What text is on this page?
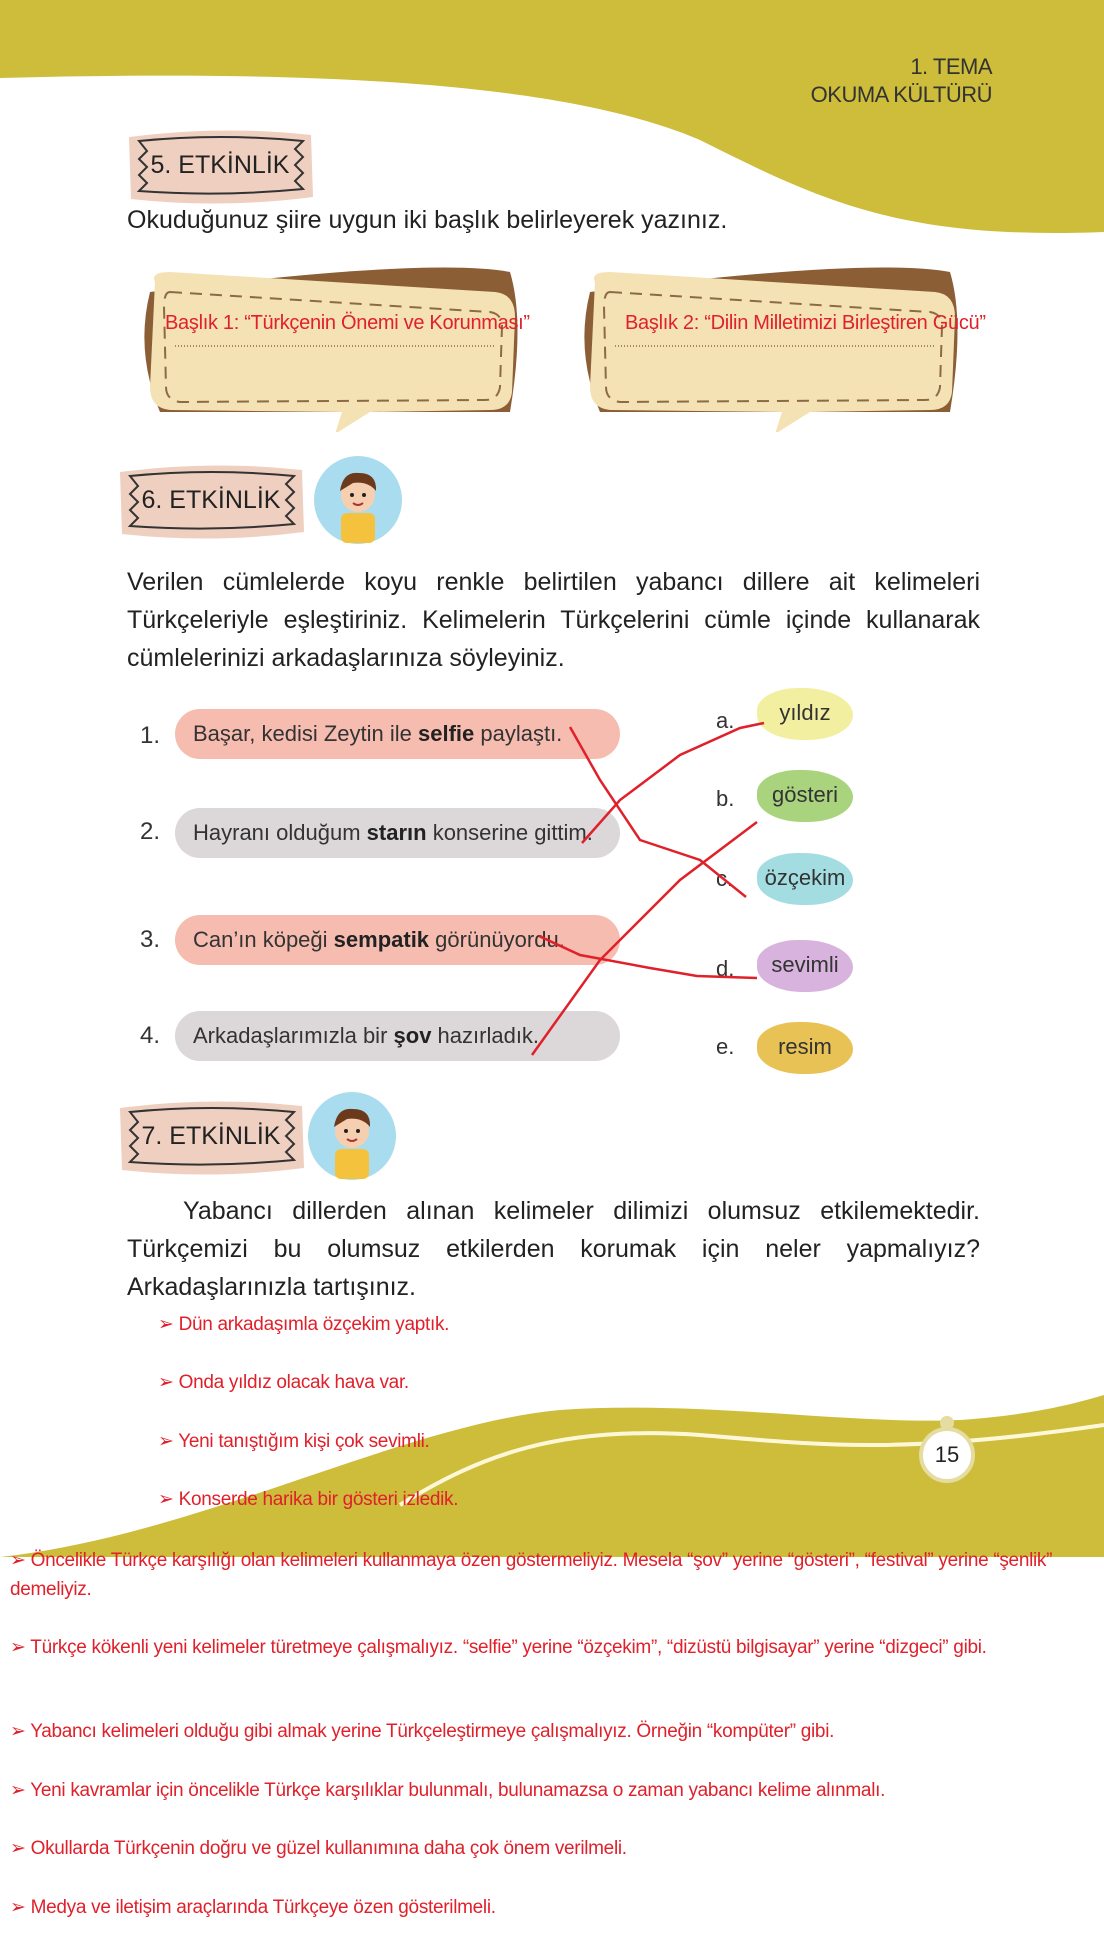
1. TEMA
OKUMA KÜLTÜRÜ
5. ETKİNLİK
Okuduğunuz şiire uygun iki başlık belirleyerek yazınız.
Başlık 1: “Türkçenin Önemi ve Korunması”	Başlık 2: “Dilin Milletimizi Birleştiren Gücü”
6. ETKİNLİK
Verilen cümlelerde koyu renkle belirtilen yabancı dillere ait kelimeleri Türkçeleriyle eşleştiriniz. Kelimelerin Türkçelerini cümle içinde kullanarak cümlelerinizi arkadaşlarınıza söyleyiniz.
1.	Başar, kedisi Zeytin ile selfie paylaştı.
2.	Hayranı olduğum starın konserine gittim.
3.	Can’ın köpeği sempatik görünüyordu.
4.	Arkadaşlarımızla bir şov hazırladık.
a.	yıldız
b.	gösteri
c.	özçekim
d.	sevimli
e.	resim
7. ETKİNLİK
Yabancı dillerden alınan kelimeler dilimizi olumsuz etkilemektedir. Türkçemizi bu olumsuz etkilerden korumak için neler yapmalıyız? Arkadaşlarınızla tartışınız.
15
➢ Dün arkadaşımla özçekim yaptık.
➢ Onda yıldız olacak hava var.
➢ Yeni tanıştığım kişi çok sevimli.
➢ Konserde harika bir gösteri izledik.
➢ Öncelikle Türkçe karşılığı olan kelimeleri kullanmaya özen göstermeliyiz. Mesela “şov” yerine “gösteri”, “festival” yerine “şenlik” demeliyiz.
➢ Türkçe kökenli yeni kelimeler türetmeye çalışmalıyız. “selfie” yerine “özçekim”, “dizüstü bilgisayar” yerine “dizgeci” gibi.
➢ Yabancı kelimeleri olduğu gibi almak yerine Türkçeleştirmeye çalışmalıyız. Örneğin “kompüter” gibi.
➢ Yeni kavramlar için öncelikle Türkçe karşılıklar bulunmalı, bulunamazsa o zaman yabancı kelime alınmalı.
➢ Okullarda Türkçenin doğru ve güzel kullanımına daha çok önem verilmeli.
➢ Medya ve iletişim araçlarında Türkçeye özen gösterilmeli.
